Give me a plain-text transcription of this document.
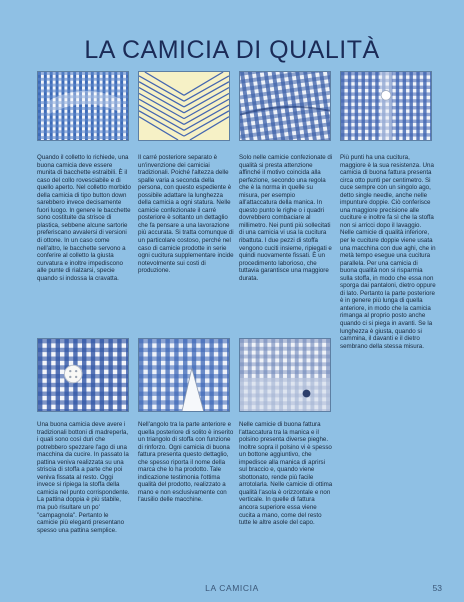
LA CAMICIA DI QUALITÀ

Quando il colletto lo richiede, una buona camicia deve essere munita di bacchette estraibili. È il caso del collo rovesciabile e di quello aperto. Nel colletto morbido della camicia di tipo button down sarebbero invece decisamente fuori luogo. In genere le bacchette sono costituite da strisce di plastica, sebbene alcune sartorie preferiscano avvalersi di versioni di ottone. In un caso come nell'altro, le bacchette servono a conferire al colletto la giusta curvatura e inoltre impediscono alle punte di rialzarsi, specie quando si indossa la cravatta.

Il carré posteriore separato è un'invenzione dei camiciai tradizionali. Poiché l'altezza delle spalle varia a seconda della persona, con questo espediente è possibile adattare la lunghezza della camicia a ogni statura. Nelle camicie confezionate il carré posteriore è soltanto un dettaglio che fa pensare a una lavorazione più accurata. Si tratta comunque di un particolare costoso, perché nel caso di camicie prodotte in serie ogni cucitura supplementare incide notevolmente sui costi di produzione.

Solo nelle camicie confezionate di qualità si presta attenzione affinché il motivo coincida alla perfezione, secondo una regola che è la norma in quelle su misura, per esempio all'attaccatura della manica. In questo punto le righe o i quadri dovrebbero combaciare al millimetro. Nei punti più sollecitati di una camicia vi usa la cucitura ribattuta. I due pezzi di stoffa vengono cuciti insieme, ripiegati e quindi nuovamente fissati. È un procedimento laborioso, che tuttavia garantisce una maggiore durata.

Più punti ha una cucitura, maggiore è la sua resistenza. Una camicia di buona fattura presenta circa otto punti per centimetro. Si cuce sempre con un singolo ago, detto single needle, anche nelle impunture doppie. Ciò conferisce una maggiore precisione alle cuciture e inoltre fa sì che la stoffa non si arricci dopo il lavaggio. Nelle camicie di qualità inferiore, per le cuciture doppie viene usata una macchina con due aghi, che in metà tempo esegue una cucitura parallela. Per una camicia di buona qualità non si risparmia sulla stoffa, in modo che essa non sporga dai pantaloni, dietro oppure di lato. Pertanto la parte posteriore è in genere più lunga di quella anteriore, in modo che la camicia rimanga al proprio posto anche quando ci si piega in avanti. Se la lunghezza è giusta, quando si cammina, il davanti e il dietro sembrano della stessa misura.

Una buona camicia deve avere i tradizionali bottoni di madreperla, i quali sono così duri che potrebbero spezzare l'ago di una macchina da cucire. In passato la pattina veniva realizzata su una striscia di stoffa a parte che poi veniva fissata al resto. Oggi invece si ripiega la stoffa della camicia nel punto corrispondente. La pattina doppia è più stabile, ma può risultare un po' "campagnola". Pertanto le camicie più eleganti presentano spesso una pattina semplice.

Nell'angolo tra la parte anteriore e quella posteriore di solito è inserito un triangolo di stoffa con funzione di rinforzo. Ogni camicia di buona fattura presenta questo dettaglio, che spesso riporta il nome della marca che lo ha prodotto. Tale indicazione testimonia l'ottima qualità del prodotto, realizzato a mano e non esclusivamente con l'ausilio delle macchine.

Nelle camicie di buona fattura l'attaccatura tra la manica e il polsino presenta diverse pieghe. Inoltre sopra il polsino vi è spesso un bottone aggiuntivo, che impedisce alla manica di aprirsi sul braccio e, quando viene sbottonato, rende più facile arrotolarla. Nelle camicie di ottima qualità l'asola è orizzontale e non verticale. In quelle di fattura ancora superiore essa viene cucita a mano, come del resto tutte le altre asole del capo.

LA CAMICIA	53
